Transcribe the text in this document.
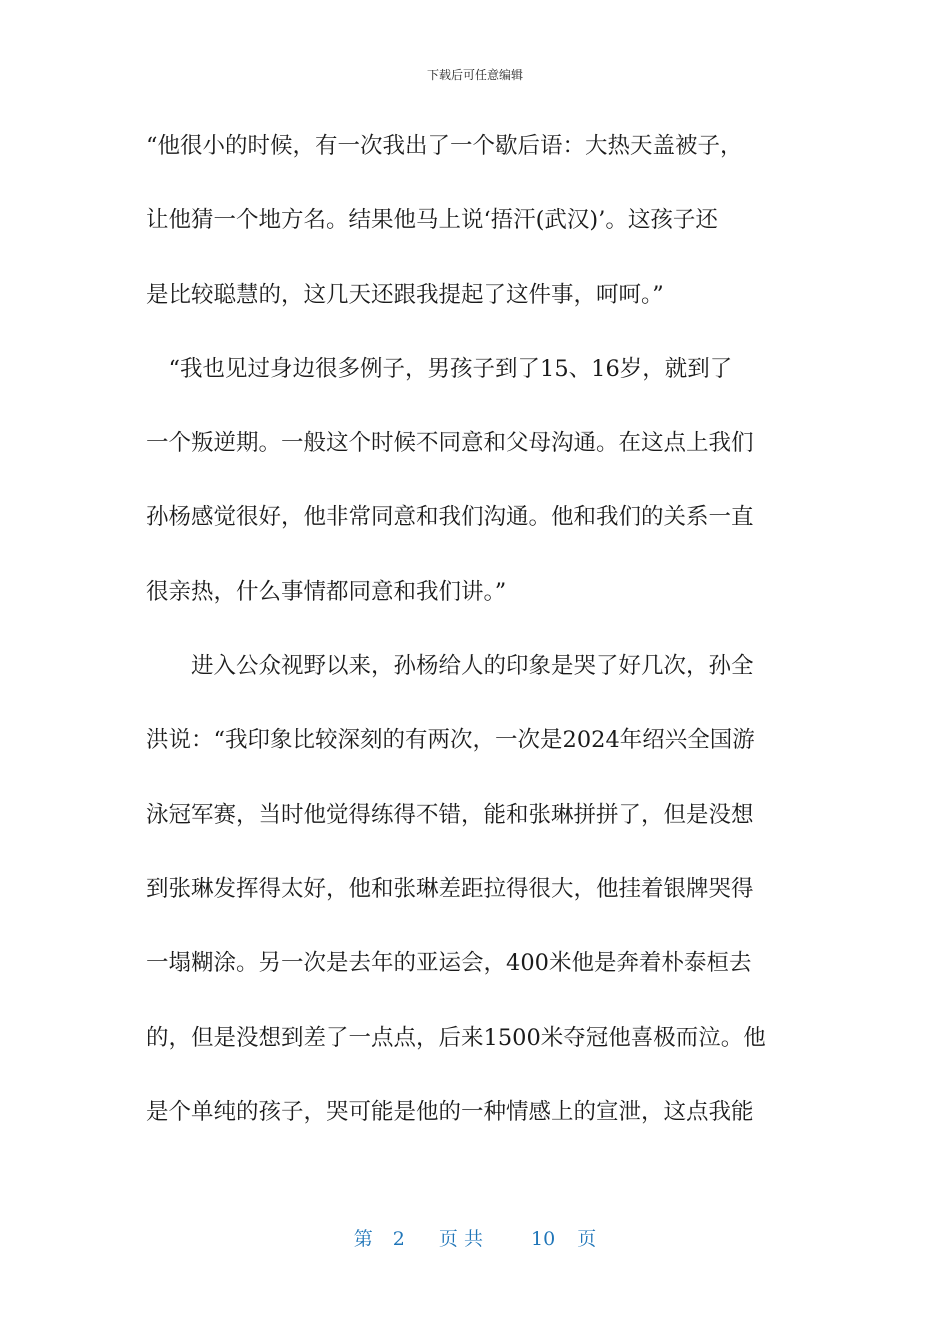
下载后可任意编辑
“他很小的时候，有一次我出了一个歇后语：大热天盖被子，
让他猜一个地方名。结果他马上说‘捂汗(武汉)’。这孩子还
是比较聪慧的，这几天还跟我提起了这件事，呵呵。”
　“我也见过身边很多例子，男孩子到了15、16岁，就到了
一个叛逆期。一般这个时候不同意和父母沟通。在这点上我们
孙杨感觉很好，他非常同意和我们沟通。他和我们的关系一直
很亲热，什么事情都同意和我们讲。”
　　进入公众视野以来，孙杨给人的印象是哭了好几次，孙全
洪说：“我印象比较深刻的有两次，一次是2024年绍兴全国游
泳冠军赛，当时他觉得练得不错，能和张琳拼拼了，但是没想
到张琳发挥得太好，他和张琳差距拉得很大，他挂着银牌哭得
一塌糊涂。另一次是去年的亚运会，400米他是奔着朴泰桓去
的，但是没想到差了一点点，后来1500米夺冠他喜极而泣。他
是个单纯的孩子，哭可能是他的一种情感上的宣泄，这点我能
第 2 页 共	10 页
